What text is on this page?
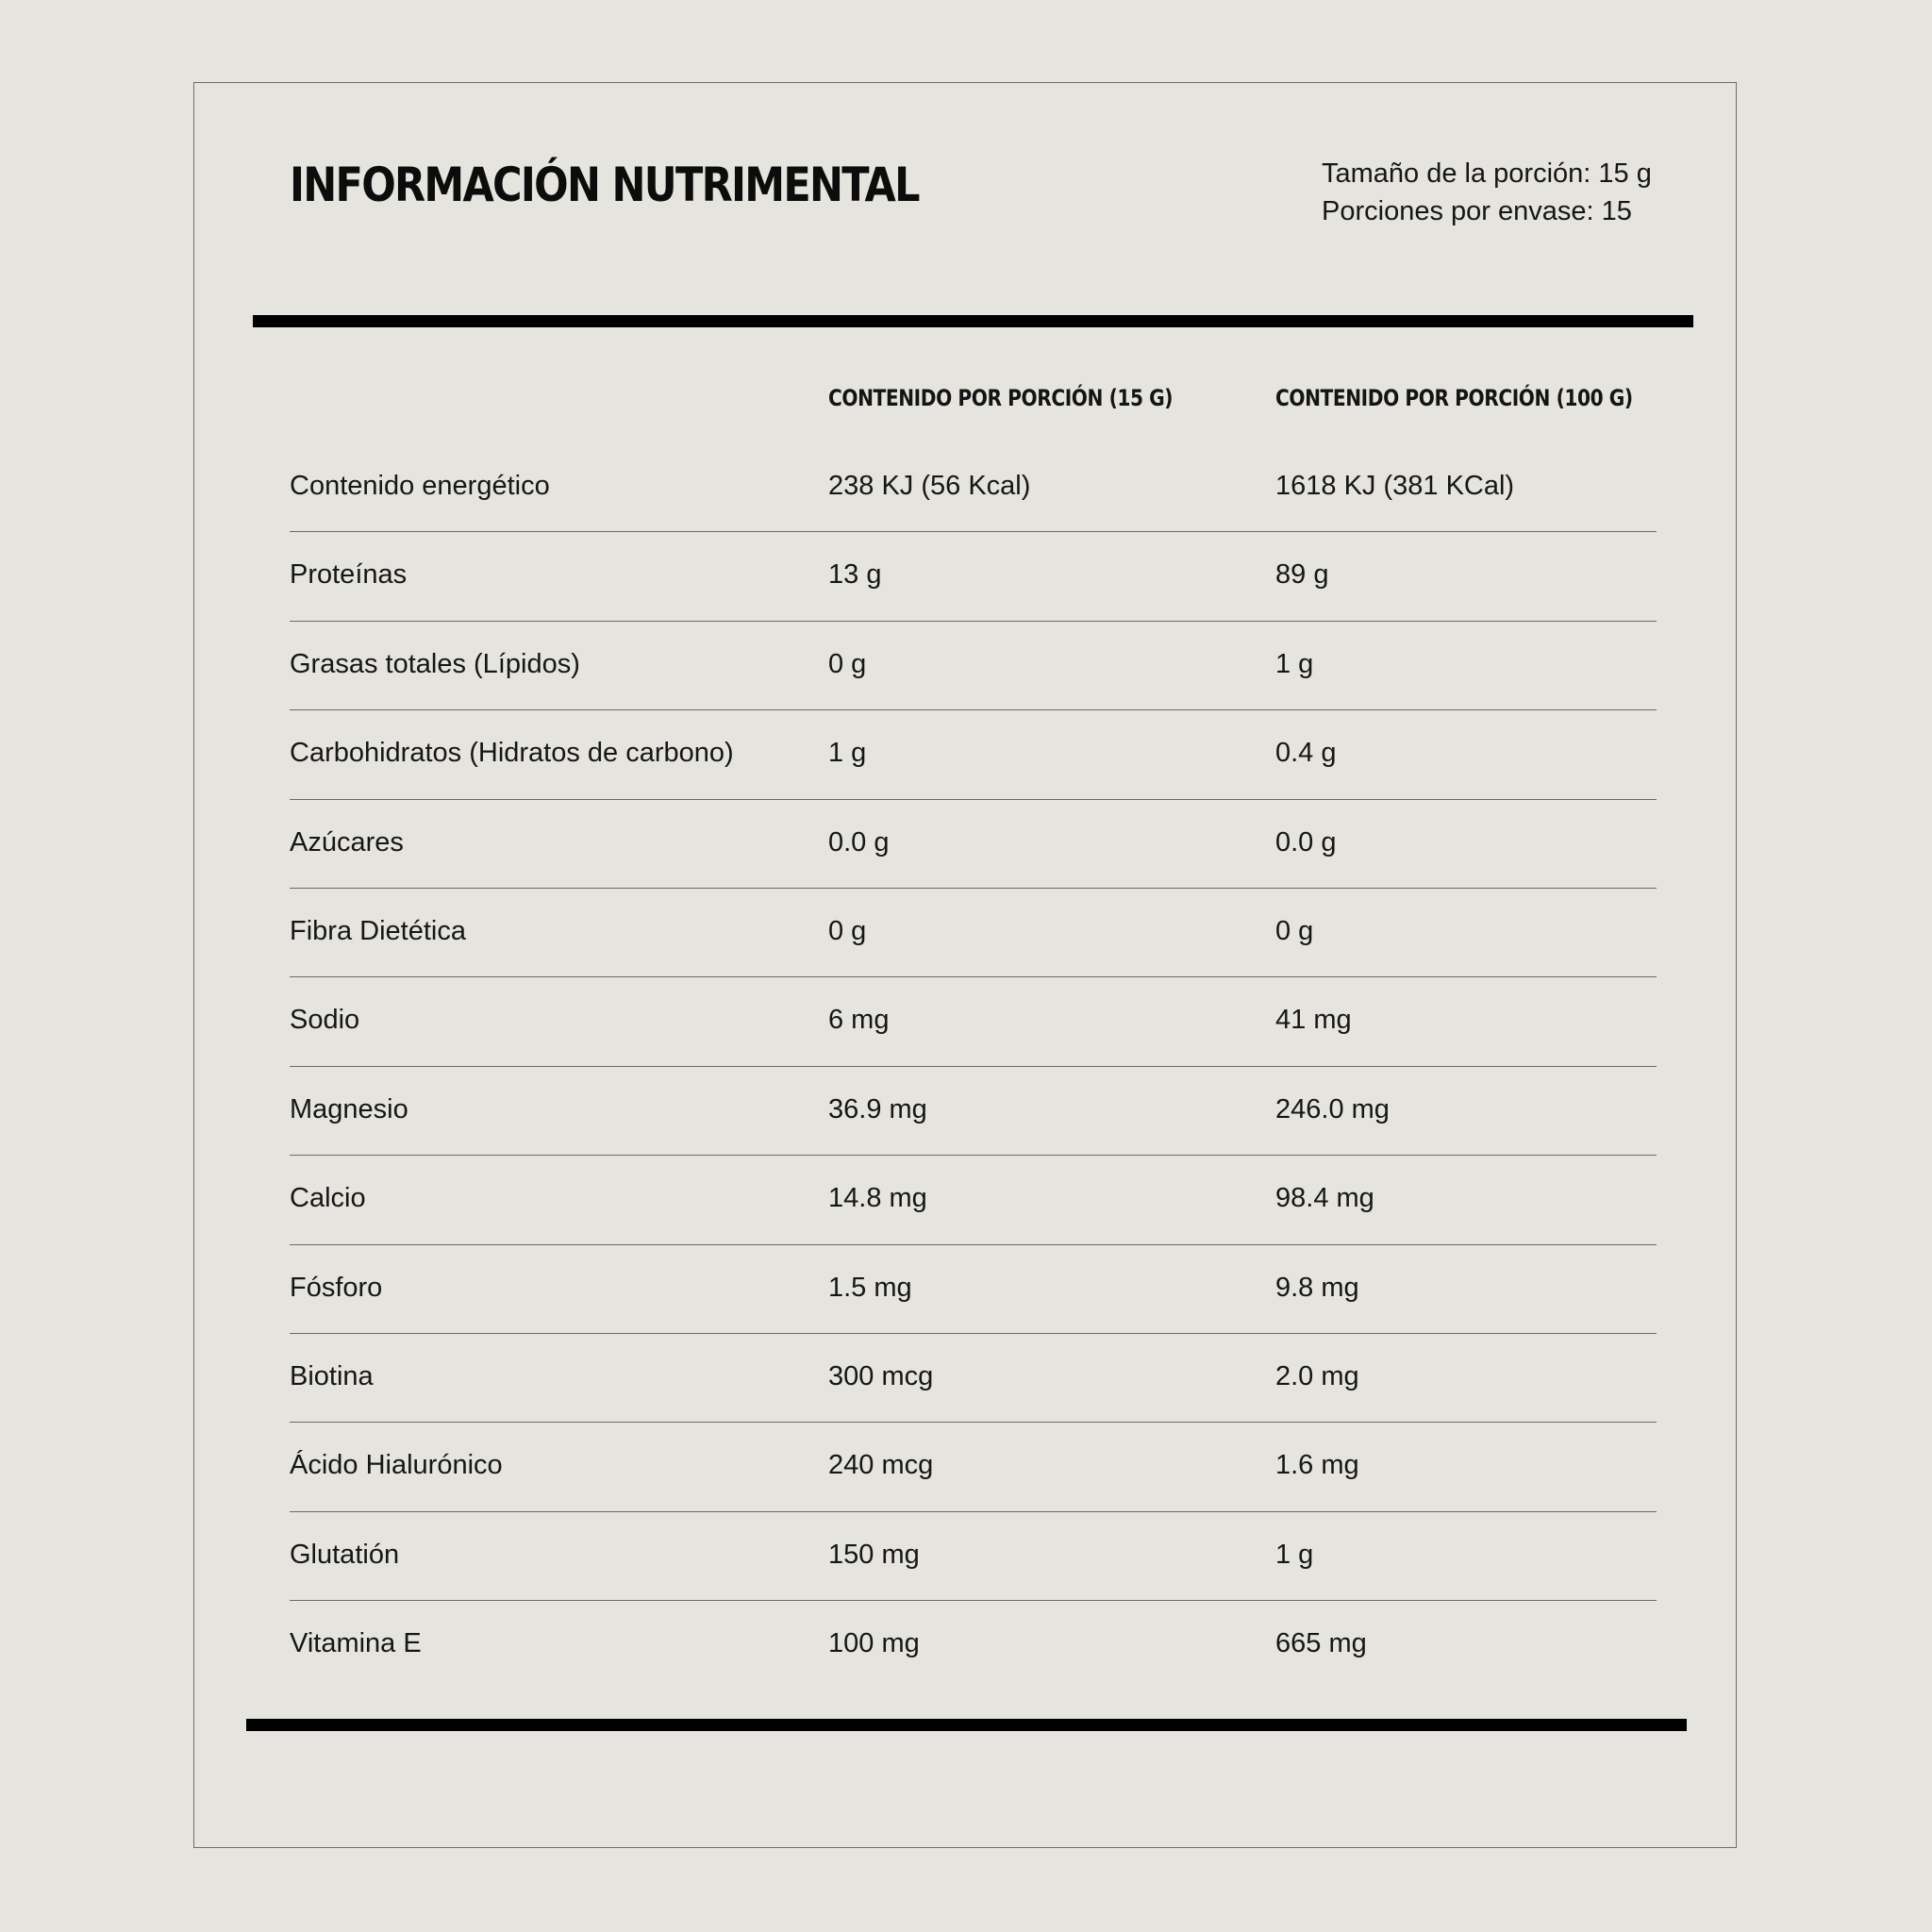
INFORMACIÓN NUTRIMENTAL	Tamaño de la porción: 15 g
Porciones por envase: 15
CONTENIDO POR PORCIÓN (15 G)	CONTENIDO POR PORCIÓN (100 G)
Contenido energético	238 KJ (56 Kcal)	1618 KJ (381 KCal)
Proteínas	13 g	89 g
Grasas totales (Lípidos)	0 g	1 g
Carbohidratos (Hidratos de carbono)	1 g	0.4 g
Azúcares	0.0 g	0.0 g
Fibra Dietética	0 g	0 g
Sodio	6 mg	41 mg
Magnesio	36.9 mg	246.0 mg
Calcio	14.8 mg	98.4 mg
Fósforo	1.5 mg	9.8 mg
Biotina	300 mcg	2.0 mg
Ácido Hialurónico	240 mcg	1.6 mg
Glutatión	150 mg	1 g
Vitamina E	100 mg	665 mg
